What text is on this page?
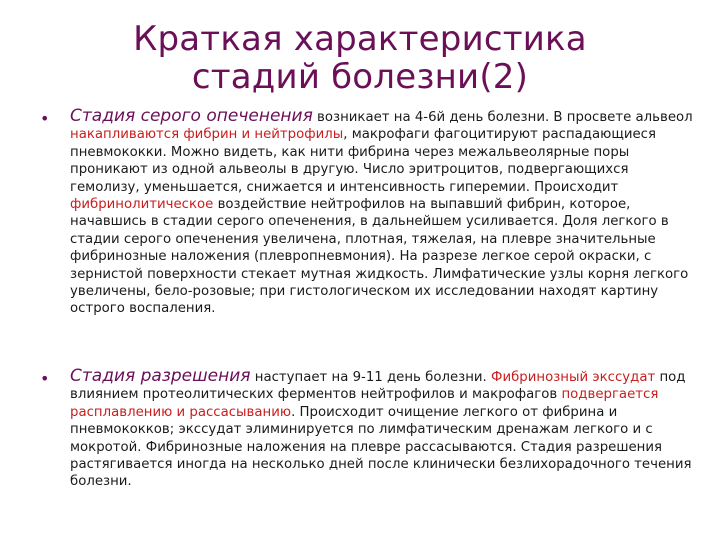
Краткая характеристика
стадий болезни(2)
• Стадия серого опеченения возникает на 4-6й день болезни. В просвете альвеол накапливаются фибрин и нейтрофилы, макрофаги фагоцитируют распадающиеся пневмококки. Можно видеть, как нити фибрина через межальвеолярные поры проникают из одной альвеолы в другую. Число эритроцитов, подвергающихся гемолизу, уменьшается, снижается и интенсивность гиперемии. Происходит фибринолитическое воздействие нейтрофилов на выпавший фибрин, которое, начавшись в стадии серого опеченения, в дальнейшем усиливается. Доля легкого в стадии серого опеченения увеличена, плотная, тяжелая, на плевре значительные фибринозные наложения (плевропневмония). На разрезе легкое серой окраски, с зернистой поверхности стекает мутная жидкость. Лимфатические узлы корня легкого увеличены, бело-розовые; при гистологическом их исследовании находят картину острого воспаления.
• Стадия разрешения наступает на 9-11 день болезни. Фибринозный экссудат под влиянием протеолитических ферментов нейтрофилов и макрофагов подвергается расплавлению и рассасыванию. Происходит очищение легкого от фибрина и пневмококков; экссудат элиминируется по лимфатическим дренажам легкого и с мокротой. Фибринозные наложения на плевре рассасываются. Стадия разрешения растягивается иногда на несколько дней после клинически безлихорадочного течения болезни.
